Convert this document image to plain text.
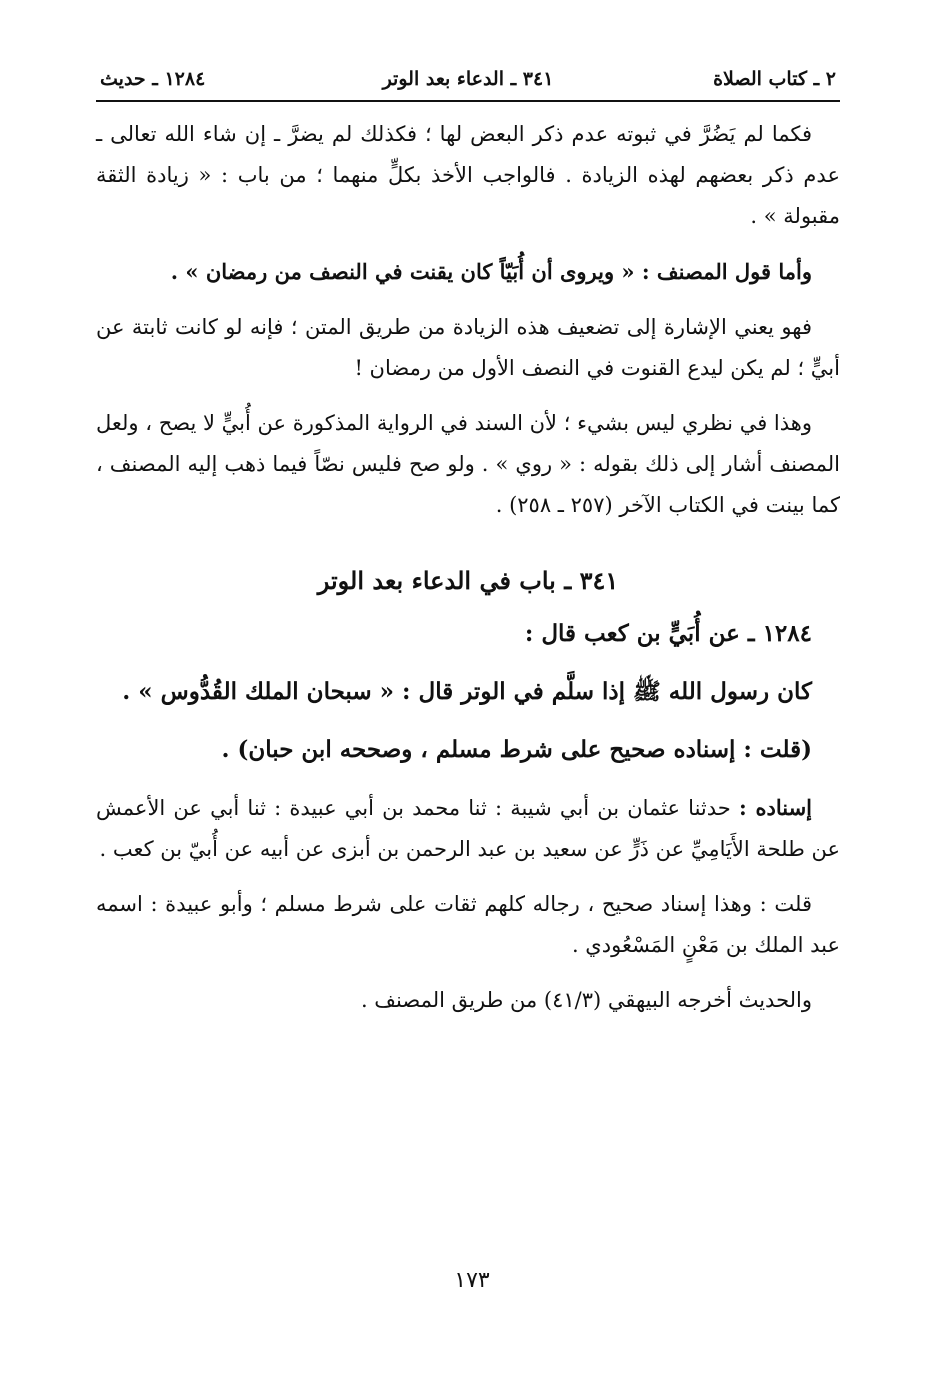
٢ ـ كتاب الصلاة
٣٤١ ـ الدعاء بعد الوتر
١٢٨٤ ـ حديث

فكما لم يَضُرَّ في ثبوته عدم ذكر البعض لها ؛ فكذلك لم يضرَّ ـ إن شاء الله تعالى ـ عدم ذكر بعضهم لهذه الزيادة . فالواجب الأخذ بكلٍّ منهما ؛ من باب : « زيادة الثقة مقبولة » .

وأما قول المصنف : « ويروى أن أُبَيّاً كان يقنت في النصف من رمضان » .

فهو يعني الإشارة إلى تضعيف هذه الزيادة من طريق المتن ؛ فإنه لو كانت ثابتة عن أبيٍّ ؛ لم يكن ليدع القنوت في النصف الأول من رمضان !

وهذا في نظري ليس بشيء ؛ لأن السند في الرواية المذكورة عن أُبيٍّ لا يصح ، ولعل المصنف أشار إلى ذلك بقوله : « روي » . ولو صح فليس نصّاً فيما ذهب إليه المصنف ، كما بينت في الكتاب الآخر (٢٥٧ ـ ٢٥٨) .

٣٤١ ـ باب في الدعاء بعد الوتر

١٢٨٤ ـ عن أُبَيٍّ بن كعب قال :

كان رسول الله ﷺ إذا سلَّم في الوتر قال : « سبحان الملك القُدُّوس » .

(قلت : إسناده صحيح على شرط مسلم ، وصححه ابن حبان) .

إسناده : حدثنا عثمان بن أبي شيبة : ثنا محمد بن أبي عبيدة : ثنا أبي عن الأعمش عن طلحة الأَيَامِيِّ عن ذَرٍّ عن سعيد بن عبد الرحمن بن أبزى عن أبيه عن أُبيّ بن كعب .

قلت : وهذا إسناد صحيح ، رجاله كلهم ثقات على شرط مسلم ؛ وأبو عبيدة : اسمه عبد الملك بن مَعْنٍ المَسْعُودي .

والحديث أخرجه البيهقي (٤١/٣) من طريق المصنف .

١٧٣
